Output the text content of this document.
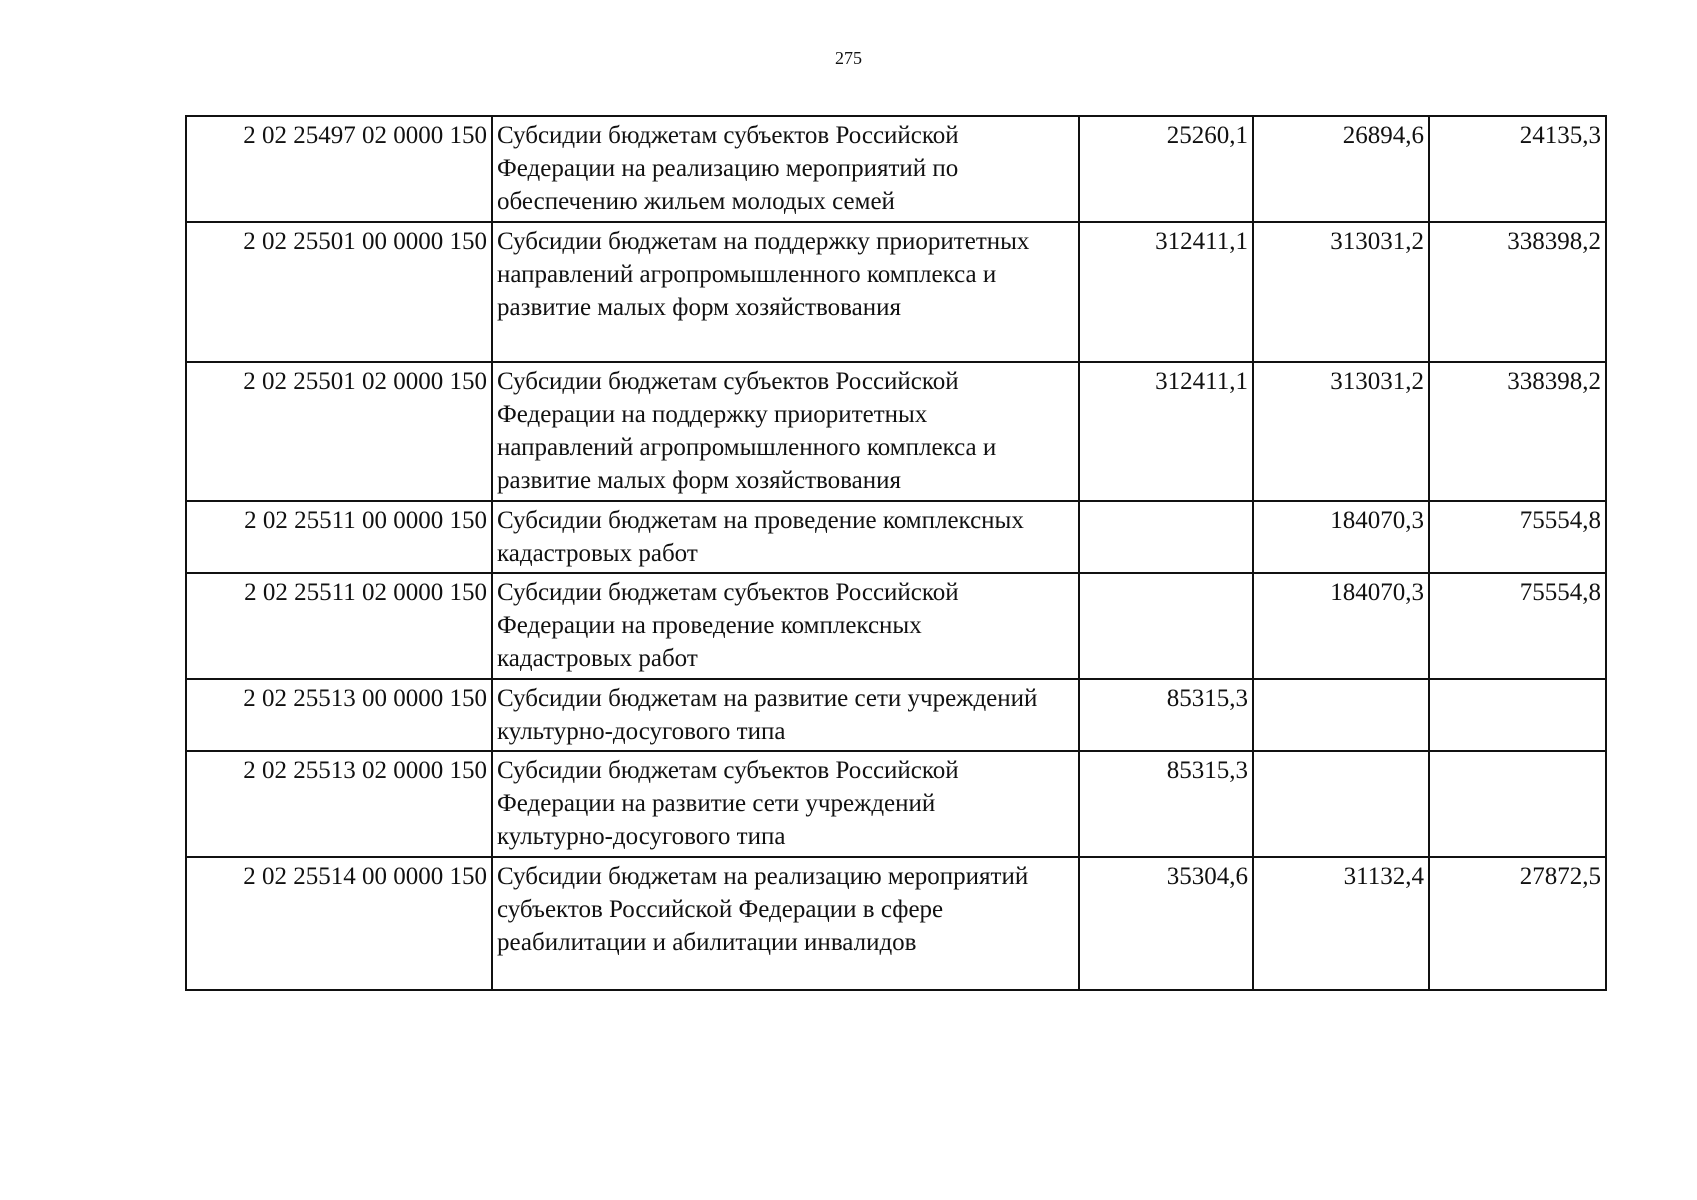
275
2 02 25497 02 0000 150	Субсидии бюджетам субъектов Российской
Федерации на реализацию мероприятий по
обеспечению жильем молодых семей	25260,1	26894,6	24135,3
2 02 25501 00 0000 150	Субсидии бюджетам на поддержку приоритетных
направлений агропромышленного комплекса и
развитие малых форм хозяйствования	312411,1	313031,2	338398,2
2 02 25501 02 0000 150	Субсидии бюджетам субъектов Российской
Федерации на поддержку приоритетных
направлений агропромышленного комплекса и
развитие малых форм хозяйствования	312411,1	313031,2	338398,2
2 02 25511 00 0000 150	Субсидии бюджетам на проведение комплексных
кадастровых работ		184070,3	75554,8
2 02 25511 02 0000 150	Субсидии бюджетам субъектов Российской
Федерации на проведение комплексных
кадастровых работ		184070,3	75554,8
2 02 25513 00 0000 150	Субсидии бюджетам на развитие сети учреждений
культурно-досугового типа	85315,3		
2 02 25513 02 0000 150	Субсидии бюджетам субъектов Российской
Федерации на развитие сети учреждений
культурно-досугового типа	85315,3		
2 02 25514 00 0000 150	Субсидии бюджетам на реализацию мероприятий
субъектов Российской Федерации в сфере
реабилитации и абилитации инвалидов	35304,6	31132,4	27872,5
